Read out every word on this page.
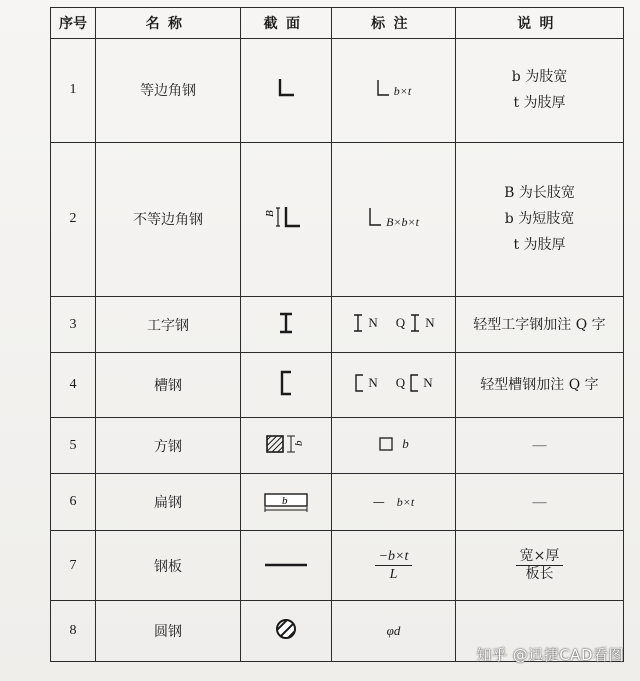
序号	名称	截面	标注	说明
1	等边角钢		b×t	b 为肢宽
t 为肢厚

2	不等边角钢	B	B×b×t	B 为长肢宽
b 为短肢宽
t 为肢厚

3	工字钢		N Q N	轻型工字钢加注 Q 字

4	槽钢		N Q N	轻型槽钢加注 Q 字

5	方钢	b	b	—
6	扁钢	b	— b×t	—
7	钢板		$\frac{-b\times t}{L}$	$\frac{\text{宽×厚}}{\text{板长}}$

8	圆钢		φd	
知乎 @迅捷CAD看图
